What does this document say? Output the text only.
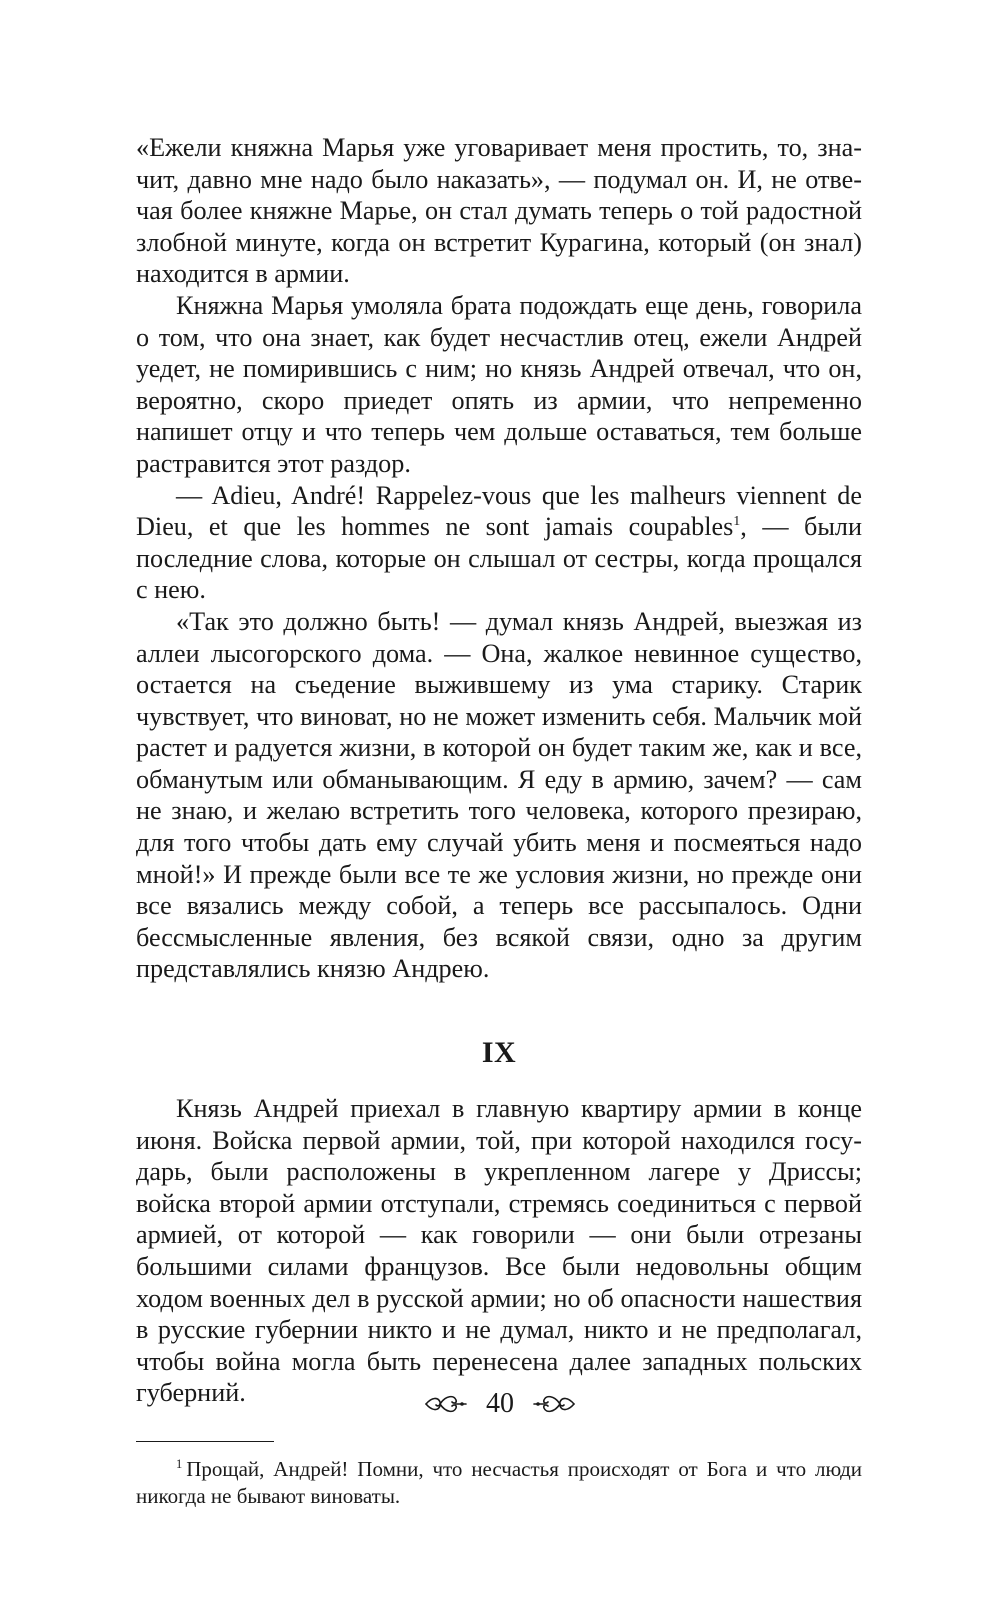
«Ежели княжна Марья уже уговаривает меня простить, то, значит, давно мне надо было наказать», — подумал он. И, не отвечая более княжне Марье, он стал думать теперь о той радостной злобной минуте, когда он встретит Курагина, который (он знал) находится в армии.

Княжна Марья умоляла брата подождать еще день, говорила о том, что она знает, как будет несчастлив отец, ежели Андрей уедет, не помирившись с ним; но князь Андрей отвечал, что он, вероятно, скоро приедет опять из армии, что непременно напишет отцу и что теперь чем дольше оставаться, тем больше растравится этот раздор.

— Adieu, André! Rappelez-vous que les malheurs viennent de Dieu, et que les hommes ne sont jamais coupables$^1$, — были последние слова, которые он слышал от сестры, когда прощался с нею.

«Так это должно быть! — думал князь Андрей, выезжая из аллеи лысогорского дома. — Она, жалкое невинное существо, остается на съедение выжившему из ума старику. Старик чувствует, что виноват, но не может изменить себя. Мальчик мой растет и радуется жизни, в которой он будет таким же, как и все, обманутым или обманывающим. Я еду в армию, зачем? — сам не знаю, и желаю встретить того человека, которого презираю, для того чтобы дать ему случай убить меня и посмеяться надо мной!» И прежде были все те же условия жизни, но прежде они все вязались между собой, а теперь все рассыпалось. Одни бессмысленные явления, без всякой связи, одно за другим представлялись князю Андрею.

IX

Князь Андрей приехал в главную квартиру армии в конце июня. Войска первой армии, той, при которой находился государь, были расположены в укрепленном лагере у Дриссы; войска второй армии отступали, стремясь соединиться с первой армией, от которой — как говорили — они были отрезаны большими силами французов. Все были недовольны общим ходом военных дел в русской армии; но об опасности нашествия в русские губернии никто и не думал, никто и не предполагал, чтобы война могла быть перенесена далее западных польских губерний.

$^1$ Прощай, Андрей! Помни, что несчастья происходят от Бога и что люди никогда не бывают виноваты.

40
